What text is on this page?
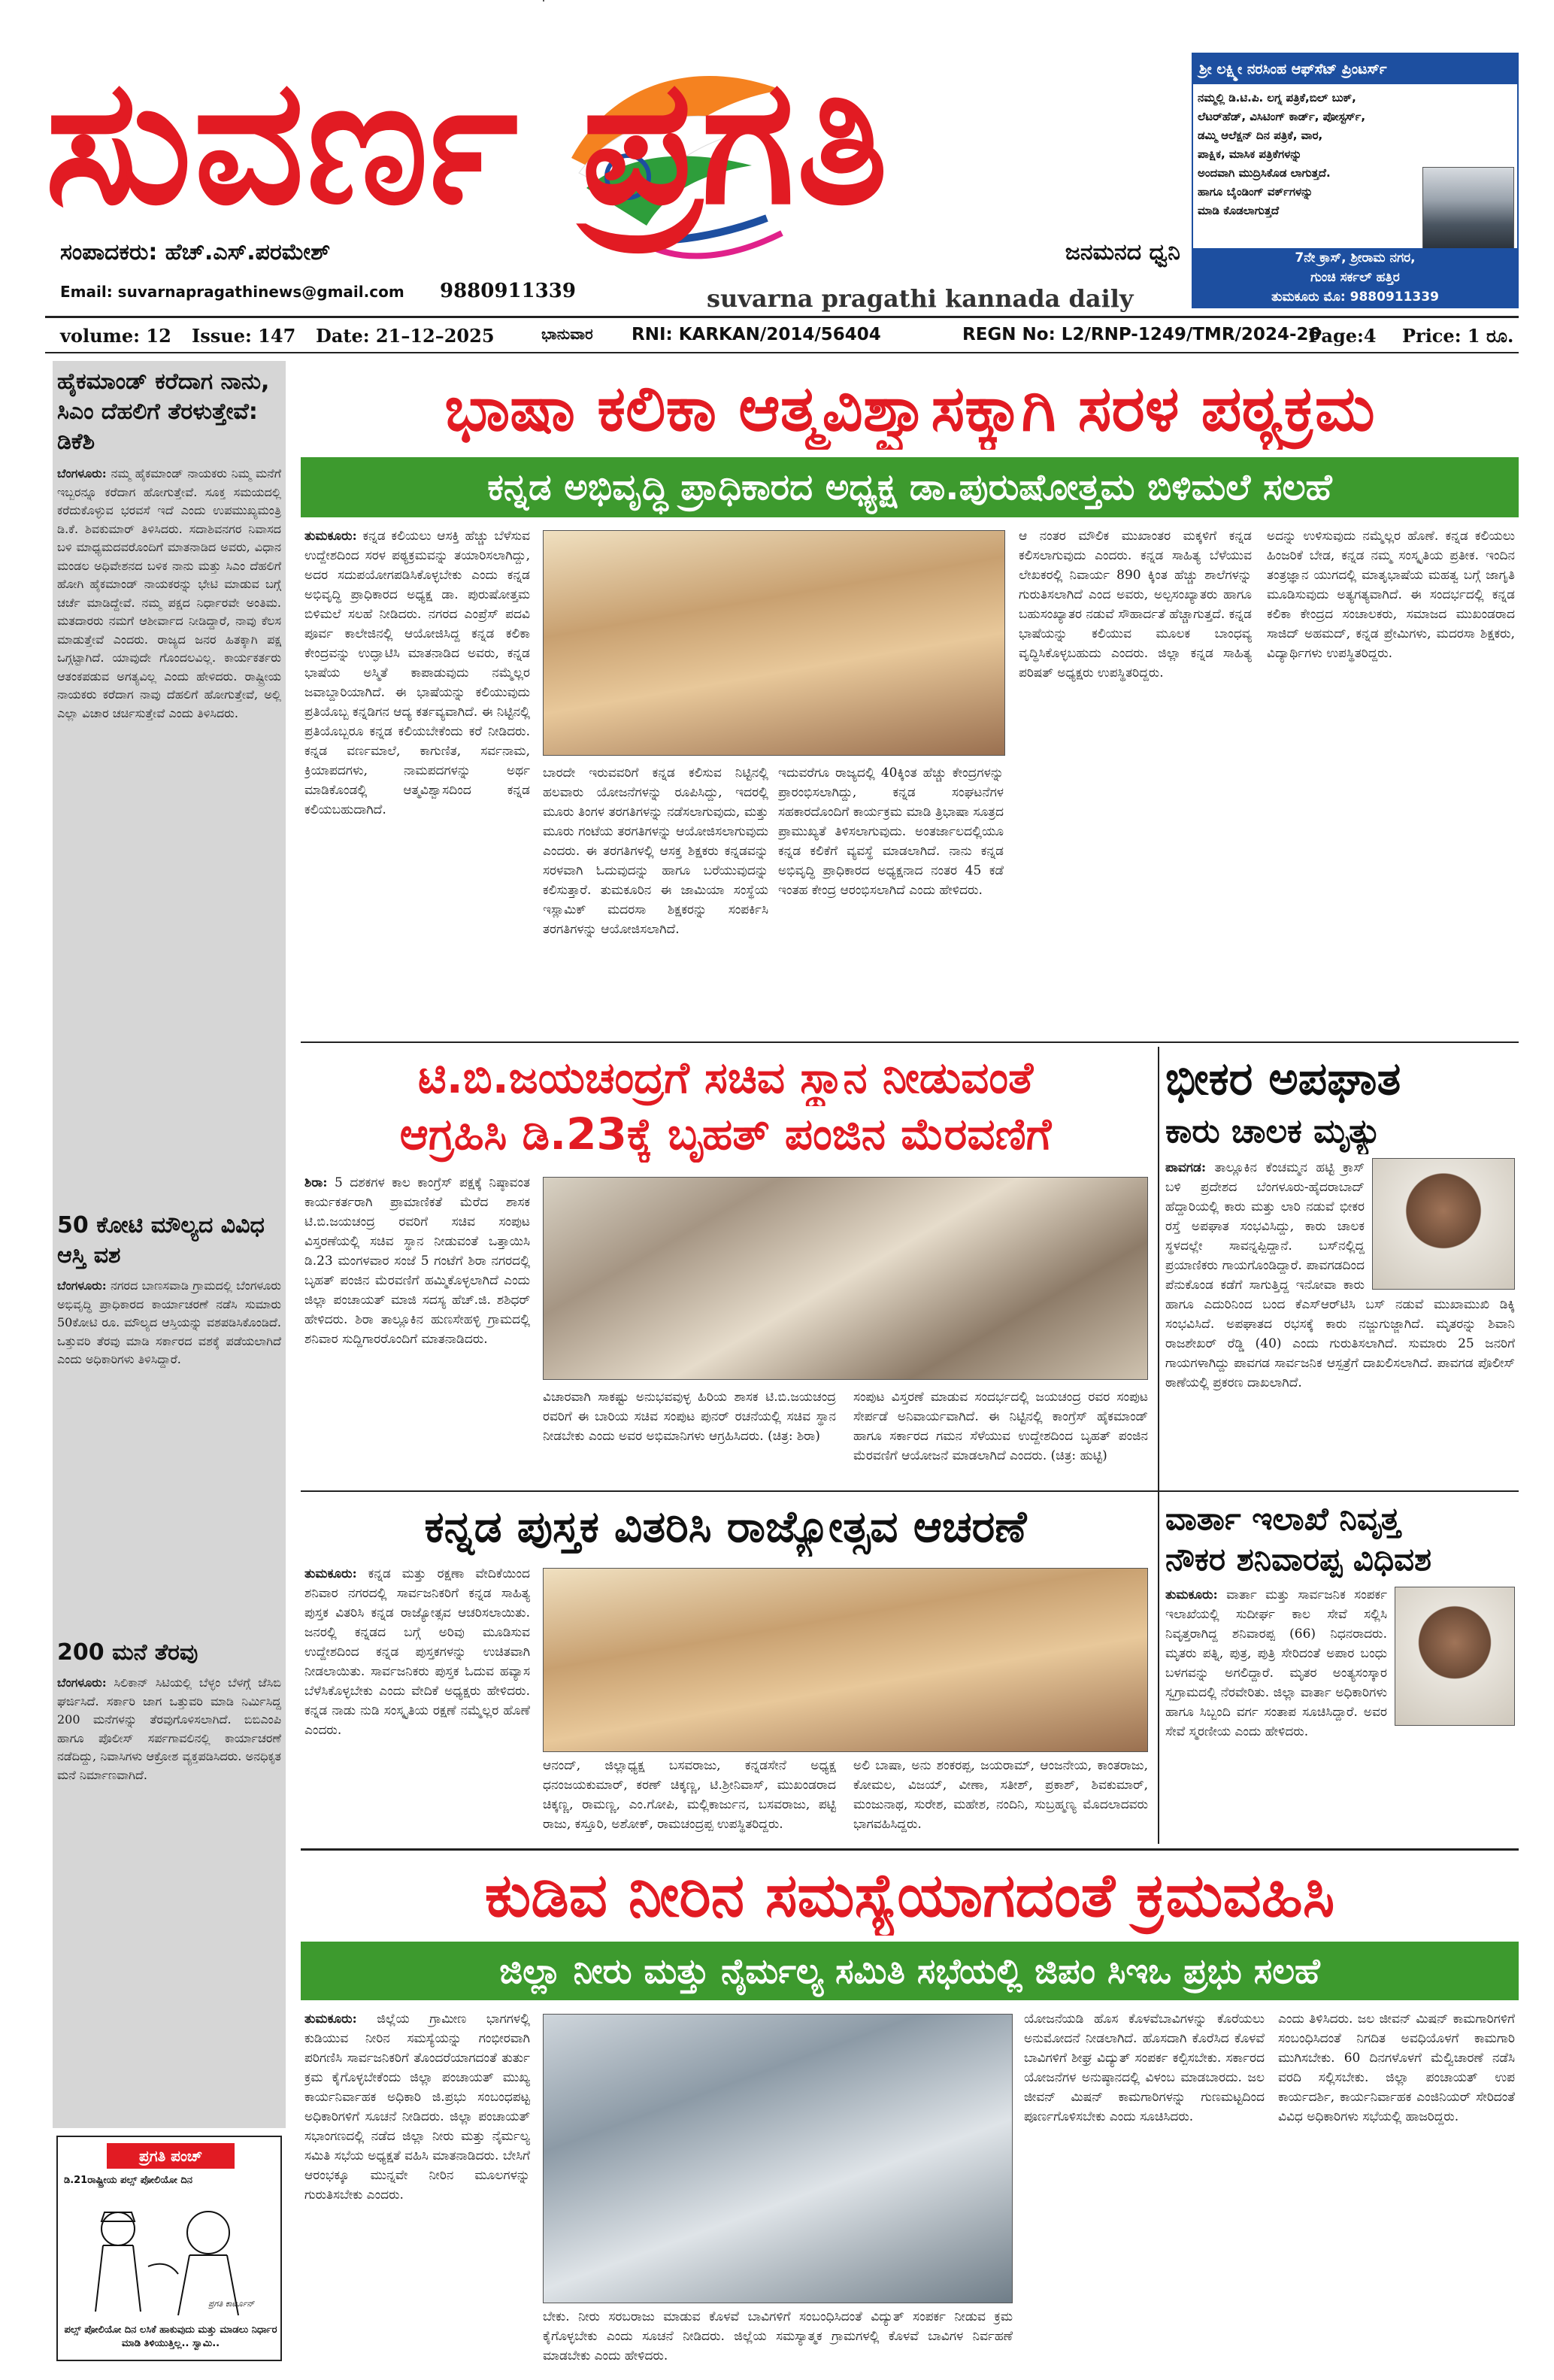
ಸುವರ್ಣ ಪ್ರಗತಿ
ಜನಮನದ ಧ್ವನಿ
ಸಂಪಾದಕರು: ಹೆಚ್.ಎಸ್.ಪರಮೇಶ್
Email: suvarnapragathinews@gmail.com	9880911339	suvarna pragathi kannada daily
ಶ್ರೀ ಲಕ್ಷ್ಮೀ ನರಸಿಂಹ ಆಫ್‌ಸೆಟ್ ಪ್ರಿಂಟರ್ಸ್
ನಮ್ಮಲ್ಲಿ ಡಿ.ಟಿ.ಪಿ. ಲಗ್ನ ಪತ್ರಿಕೆ,ಬಿಲ್ ಬುಕ್,
ಲೆಟರ್‌ಹೆಡ್, ವಿಸಿಟಿಂಗ್ ಕಾರ್ಡ್, ಪೋಸ್ಟರ್ಸ್,
ಡಮ್ಮಿ ಆಲೆಕ್ಷನ್ ದಿನ ಪತ್ರಿಕೆ, ವಾರ,
ಪಾಕ್ಷಿಕ, ಮಾಸಿಕ ಪತ್ರಿಕೆಗಳನ್ನು
ಅಂದವಾಗಿ ಮುದ್ರಿಸಿಕೊಡ ಲಾಗುತ್ತದೆ.
ಹಾಗೂ ಬೈಂಡಿಂಗ್ ವರ್ಕ್‌ಗಳನ್ನು
ಮಾಡಿ ಕೊಡಲಾಗುತ್ತದೆ
7ನೇ ಕ್ರಾಸ್, ಶ್ರೀರಾಮ ನಗರ,
ಗುಂಚಿ ಸರ್ಕಲ್ ಹತ್ತಿರ
ತುಮಕೂರು ಮೊ: 9880911339
volume: 12 Issue: 147 Date: 21–12–2025	ಭಾನುವಾರ RNI: KARKAN/2014/56404	REGN No: L2/RNP-1249/TMR/2024-26
Page:4 Price: 1 ರೂ.
ಹೈಕಮಾಂಡ್ ಕರೆದಾಗ ನಾನು, ಸಿಎಂ ದೆಹಲಿಗೆ ತೆರಳುತ್ತೇವೆ: ಡಿಕೆಶಿ
ಬೆಂಗಳೂರು: ನಮ್ಮ ಹೈಕಮಾಂಡ್ ನಾಯಕರು ನಿಮ್ಮ ಮನೆಗೆ ಇಬ್ಬರನ್ನೂ ಕರೆದಾಗ ಹೋಗುತ್ತೇವೆ. ಸೂಕ್ತ ಸಮಯದಲ್ಲಿ ಕರೆದುಕೊಳ್ಳುವ ಭರವಸೆ ಇದೆ ಎಂದು ಉಪಮುಖ್ಯಮಂತ್ರಿ ಡಿ.ಕೆ. ಶಿವಕುಮಾರ್ ತಿಳಿಸಿದರು. ಸದಾಶಿವನಗರ ನಿವಾಸದ ಬಳಿ ಮಾಧ್ಯಮದವರೊಂದಿಗೆ ಮಾತನಾಡಿದ ಅವರು, ವಿಧಾನ ಮಂಡಲ ಅಧಿವೇಶನದ ಬಳಿಕ ನಾನು ಮತ್ತು ಸಿಎಂ ದೆಹಲಿಗೆ ಹೋಗಿ ಹೈಕಮಾಂಡ್ ನಾಯಕರನ್ನು ಭೇಟಿ ಮಾಡುವ ಬಗ್ಗೆ ಚರ್ಚೆ ಮಾಡಿದ್ದೇವೆ. ನಮ್ಮ ಪಕ್ಷದ ನಿರ್ಧಾರವೇ ಅಂತಿಮ. ಮತದಾರರು ನಮಗೆ ಆಶೀರ್ವಾದ ನೀಡಿದ್ದಾರೆ, ನಾವು ಕೆಲಸ ಮಾಡುತ್ತೇವೆ ಎಂದರು. ರಾಜ್ಯದ ಜನರ ಹಿತಕ್ಕಾಗಿ ಪಕ್ಷ ಒಗ್ಗಟ್ಟಾಗಿದೆ. ಯಾವುದೇ ಗೊಂದಲವಿಲ್ಲ. ಕಾರ್ಯಕರ್ತರು ಆತಂಕಪಡುವ ಅಗತ್ಯವಿಲ್ಲ ಎಂದು ಹೇಳಿದರು. ರಾಷ್ಟ್ರೀಯ ನಾಯಕರು ಕರೆದಾಗ ನಾವು ದೆಹಲಿಗೆ ಹೋಗುತ್ತೇವೆ, ಅಲ್ಲಿ ಎಲ್ಲಾ ವಿಚಾರ ಚರ್ಚಿಸುತ್ತೇವೆ ಎಂದು ತಿಳಿಸಿದರು.
50 ಕೋಟಿ ಮೌಲ್ಯದ ವಿವಿಧ ಆಸ್ತಿ ವಶ
ಬೆಂಗಳೂರು: ನಗರದ ಬಾಣಸವಾಡಿ ಗ್ರಾಮದಲ್ಲಿ ಬೆಂಗಳೂರು ಅಭಿವೃದ್ಧಿ ಪ್ರಾಧಿಕಾರದ ಕಾರ್ಯಾಚರಣೆ ನಡೆಸಿ ಸುಮಾರು 50ಕೋಟಿ ರೂ. ಮೌಲ್ಯದ ಆಸ್ತಿಯನ್ನು ವಶಪಡಿಸಿಕೊಂಡಿದೆ. ಒತ್ತುವರಿ ತೆರವು ಮಾಡಿ ಸರ್ಕಾರದ ವಶಕ್ಕೆ ಪಡೆಯಲಾಗಿದೆ ಎಂದು ಅಧಿಕಾರಿಗಳು ತಿಳಿಸಿದ್ದಾರೆ.
200 ಮನೆ ತೆರವು
ಬೆಂಗಳೂರು: ಸಿಲಿಕಾನ್ ಸಿಟಿಯಲ್ಲಿ ಬೆಳ್ಳಂ ಬೆಳಗ್ಗೆ ಜೆಸಿಬಿ ಘರ್ಜಿಸಿದೆ. ಸರ್ಕಾರಿ ಜಾಗ ಒತ್ತುವರಿ ಮಾಡಿ ನಿರ್ಮಿಸಿದ್ದ 200 ಮನೆಗಳನ್ನು ತೆರವುಗೊಳಿಸಲಾಗಿದೆ. ಬಿಬಿಎಂಪಿ ಹಾಗೂ ಪೊಲೀಸ್ ಸರ್ಪಗಾವಲಿನಲ್ಲಿ ಕಾರ್ಯಾಚರಣೆ ನಡೆದಿದ್ದು, ನಿವಾಸಿಗಳು ಆಕ್ರೋಶ ವ್ಯಕ್ತಪಡಿಸಿದರು. ಅನಧಿಕೃತ ಮನೆ ನಿರ್ಮಾಣವಾಗಿದೆ.
ಪ್ರಗತಿ ಪಂಚ್
ಡಿ.21ರಾಷ್ಟ್ರೀಯ ಪಲ್ಸ್ ಪೋಲಿಯೋ ದಿನ
ಪ್ರಗತಿ ಕಾರ್ಟೂನ್
ಪಲ್ಸ್ ಪೋಲಿಯೋ ದಿನ ಲಸಿಕೆ ಹಾಕುವುದು ಮತ್ತು ಮಾಡಲು ನಿರ್ಧಾರ ಮಾಡಿ ತಿಳಿಯುತ್ತಿಲ್ಲ.. ಸ್ವಾಮಿ..
ಭಾಷಾ ಕಲಿಕಾ ಆತ್ಮವಿಶ್ವಾಸಕ್ಕಾಗಿ ಸರಳ ಪಠ್ಯಕ್ರಮ
ಕನ್ನಡ ಅಭಿವೃದ್ಧಿ ಪ್ರಾಧಿಕಾರದ ಅಧ್ಯಕ್ಷ ಡಾ.ಪುರುಷೋತ್ತಮ ಬಿಳಿಮಲೆ ಸಲಹೆ
ತುಮಕೂರು: ಕನ್ನಡ ಕಲಿಯಲು ಆಸಕ್ತಿ ಹೆಚ್ಚು ಬೆಳೆಸುವ ಉದ್ದೇಶದಿಂದ ಸರಳ ಪಠ್ಯಕ್ರಮವನ್ನು ತಯಾರಿಸಲಾಗಿದ್ದು, ಅದರ ಸದುಪಯೋಗಪಡಿಸಿಕೊಳ್ಳಬೇಕು ಎಂದು ಕನ್ನಡ ಅಭಿವೃದ್ಧಿ ಪ್ರಾಧಿಕಾರದ ಅಧ್ಯಕ್ಷ ಡಾ. ಪುರುಷೋತ್ತಮ ಬಿಳಿಮಲೆ ಸಲಹೆ ನೀಡಿದರು. ನಗರದ ಎಂಪ್ರೆಸ್ ಪದವಿ ಪೂರ್ವ ಕಾಲೇಜಿನಲ್ಲಿ ಆಯೋಜಿಸಿದ್ದ ಕನ್ನಡ ಕಲಿಕಾ ಕೇಂದ್ರವನ್ನು ಉದ್ಘಾಟಿಸಿ ಮಾತನಾಡಿದ ಅವರು, ಕನ್ನಡ ಭಾಷೆಯ ಅಸ್ಮಿತೆ ಕಾಪಾಡುವುದು ನಮ್ಮೆಲ್ಲರ ಜವಾಬ್ದಾರಿಯಾಗಿದೆ. ಈ ಭಾಷೆಯನ್ನು ಕಲಿಯುವುದು ಪ್ರತಿಯೊಬ್ಬ ಕನ್ನಡಿಗನ ಆದ್ಯ ಕರ್ತವ್ಯವಾಗಿದೆ. ಈ ನಿಟ್ಟಿನಲ್ಲಿ ಪ್ರತಿಯೊಬ್ಬರೂ ಕನ್ನಡ ಕಲಿಯಬೇಕೆಂದು ಕರೆ ನೀಡಿದರು. ಕನ್ನಡ ವರ್ಣಮಾಲೆ, ಕಾಗುಣಿತ, ಸರ್ವನಾಮ, ಕ್ರಿಯಾಪದಗಳು, ನಾಮಪದಗಳನ್ನು ಅರ್ಥ ಮಾಡಿಕೊಂಡಲ್ಲಿ ಆತ್ಮವಿಶ್ವಾಸದಿಂದ ಕನ್ನಡ ಕಲಿಯಬಹುದಾಗಿದೆ.
ಬಾರದೇ ಇರುವವರಿಗೆ ಕನ್ನಡ ಕಲಿಸುವ ನಿಟ್ಟಿನಲ್ಲಿ ಹಲವಾರು ಯೋಜನೆಗಳನ್ನು ರೂಪಿಸಿದ್ದು, ಇದರಲ್ಲಿ ಮೂರು ತಿಂಗಳ ತರಗತಿಗಳನ್ನು ನಡೆಸಲಾಗುವುದು, ಮತ್ತು ಮೂರು ಗಂಟೆಯ ತರಗತಿಗಳನ್ನು ಆಯೋಜಿಸಲಾಗುವುದು ಎಂದರು. ಈ ತರಗತಿಗಳಲ್ಲಿ ಆಸಕ್ತ ಶಿಕ್ಷಕರು ಕನ್ನಡವನ್ನು ಸರಳವಾಗಿ ಓದುವುದನ್ನು ಹಾಗೂ ಬರೆಯುವುದನ್ನು ಕಲಿಸುತ್ತಾರೆ. ತುಮಕೂರಿನ ಈ ಜಾಮಿಯಾ ಸಂಸ್ಥೆಯ ಇಸ್ಲಾಮಿಕ್ ಮದರಸಾ ಶಿಕ್ಷಕರನ್ನು ಸಂಪರ್ಕಿಸಿ ತರಗತಿಗಳನ್ನು ಆಯೋಜಿಸಲಾಗಿದೆ.
ಇದುವರೆಗೂ ರಾಜ್ಯದಲ್ಲಿ 40ಕ್ಕಿಂತ ಹೆಚ್ಚು ಕೇಂದ್ರಗಳನ್ನು ಪ್ರಾರಂಭಿಸಲಾಗಿದ್ದು, ಕನ್ನಡ ಸಂಘಟನೆಗಳ ಸಹಕಾರದೊಂದಿಗೆ ಕಾರ್ಯಕ್ರಮ ಮಾಡಿ ತ್ರಿಭಾಷಾ ಸೂತ್ರದ ಪ್ರಾಮುಖ್ಯತೆ ತಿಳಿಸಲಾಗುವುದು. ಅಂತರ್ಜಾಲದಲ್ಲಿಯೂ ಕನ್ನಡ ಕಲಿಕೆಗೆ ವ್ಯವಸ್ಥೆ ಮಾಡಲಾಗಿದೆ. ನಾನು ಕನ್ನಡ ಅಭಿವೃದ್ಧಿ ಪ್ರಾಧಿಕಾರದ ಅಧ್ಯಕ್ಷನಾದ ನಂತರ 45 ಕಡೆ ಇಂತಹ ಕೇಂದ್ರ ಆರಂಭಿಸಲಾಗಿದೆ ಎಂದು ಹೇಳಿದರು.
ಆ ನಂತರ ಮೌಲಿಕ ಮುಖಾಂತರ ಮಕ್ಕಳಿಗೆ ಕನ್ನಡ ಕಲಿಸಲಾಗುವುದು ಎಂದರು. ಕನ್ನಡ ಸಾಹಿತ್ಯ ಬೆಳೆಯುವ ಲೇಖಕರಲ್ಲಿ ನಿವಾರ್ಯ 890 ಕ್ಕಿಂತ ಹೆಚ್ಚು ಶಾಲೆಗಳನ್ನು ಗುರುತಿಸಲಾಗಿದೆ ಎಂದ ಅವರು, ಅಲ್ಪಸಂಖ್ಯಾತರು ಹಾಗೂ ಬಹುಸಂಖ್ಯಾತರ ನಡುವೆ ಸೌಹಾರ್ದತೆ ಹೆಚ್ಚಾಗುತ್ತದೆ. ಕನ್ನಡ ಭಾಷೆಯನ್ನು ಕಲಿಯುವ ಮೂಲಕ ಬಾಂಧವ್ಯ ವೃದ್ಧಿಸಿಕೊಳ್ಳಬಹುದು ಎಂದರು. ಜಿಲ್ಲಾ ಕನ್ನಡ ಸಾಹಿತ್ಯ ಪರಿಷತ್ ಅಧ್ಯಕ್ಷರು ಉಪಸ್ಥಿತರಿದ್ದರು.
ಅದನ್ನು ಉಳಿಸುವುದು ನಮ್ಮೆಲ್ಲರ ಹೊಣೆ. ಕನ್ನಡ ಕಲಿಯಲು ಹಿಂಜರಿಕೆ ಬೇಡ, ಕನ್ನಡ ನಮ್ಮ ಸಂಸ್ಕೃತಿಯ ಪ್ರತೀಕ. ಇಂದಿನ ತಂತ್ರಜ್ಞಾನ ಯುಗದಲ್ಲಿ ಮಾತೃಭಾಷೆಯ ಮಹತ್ವ ಬಗ್ಗೆ ಜಾಗೃತಿ ಮೂಡಿಸುವುದು ಅತ್ಯಗತ್ಯವಾಗಿದೆ. ಈ ಸಂದರ್ಭದಲ್ಲಿ ಕನ್ನಡ ಕಲಿಕಾ ಕೇಂದ್ರದ ಸಂಚಾಲಕರು, ಸಮಾಜದ ಮುಖಂಡರಾದ ಸಾಜಿದ್ ಅಹಮದ್, ಕನ್ನಡ ಪ್ರೇಮಿಗಳು, ಮದರಸಾ ಶಿಕ್ಷಕರು, ವಿದ್ಯಾರ್ಥಿಗಳು ಉಪಸ್ಥಿತರಿದ್ದರು.
ಟಿ.ಬಿ.ಜಯಚಂದ್ರಗೆ ಸಚಿವ ಸ್ಥಾನ ನೀಡುವಂತೆ
ಆಗ್ರಹಿಸಿ ಡಿ.23ಕ್ಕೆ ಬೃಹತ್ ಪಂಜಿನ ಮೆರವಣಿಗೆ
ಶಿರಾ: 5 ದಶಕಗಳ ಕಾಲ ಕಾಂಗ್ರೆಸ್ ಪಕ್ಷಕ್ಕೆ ನಿಷ್ಠಾವಂತ ಕಾರ್ಯಕರ್ತರಾಗಿ ಪ್ರಾಮಾಣಿಕತೆ ಮೆರೆದ ಶಾಸಕ ಟಿ.ಬಿ.ಜಯಚಂದ್ರ ರವರಿಗೆ ಸಚಿವ ಸಂಪುಟ ವಿಸ್ತರಣೆಯಲ್ಲಿ ಸಚಿವ ಸ್ಥಾನ ನೀಡುವಂತೆ ಒತ್ತಾಯಿಸಿ ಡಿ.23 ಮಂಗಳವಾರ ಸಂಜೆ 5 ಗಂಟೆಗೆ ಶಿರಾ ನಗರದಲ್ಲಿ ಬೃಹತ್ ಪಂಜಿನ ಮೆರವಣಿಗೆ ಹಮ್ಮಿಕೊಳ್ಳಲಾಗಿದೆ ಎಂದು ಜಿಲ್ಲಾ ಪಂಚಾಯತ್ ಮಾಜಿ ಸದಸ್ಯ ಹೆಚ್.ಜಿ. ಶಶಿಧರ್ ಹೇಳಿದರು. ಶಿರಾ ತಾಲ್ಲೂಕಿನ ಹುಣಸೇಹಳ್ಳಿ ಗ್ರಾಮದಲ್ಲಿ ಶನಿವಾರ ಸುದ್ದಿಗಾರರೊಂದಿಗೆ ಮಾತನಾಡಿದರು.
ವಿಚಾರವಾಗಿ ಸಾಕಷ್ಟು ಅನುಭವವುಳ್ಳ ಹಿರಿಯ ಶಾಸಕ ಟಿ.ಬಿ.ಜಯಚಂದ್ರ ರವರಿಗೆ ಈ ಬಾರಿಯ ಸಚಿವ ಸಂಪುಟ ಪುನರ್ ರಚನೆಯಲ್ಲಿ ಸಚಿವ ಸ್ಥಾನ ನೀಡಬೇಕು ಎಂದು ಅವರ ಅಭಿಮಾನಿಗಳು ಆಗ್ರಹಿಸಿದರು. (ಚಿತ್ರ: ಶಿರಾ)
ಸಂಪುಟ ವಿಸ್ತರಣೆ ಮಾಡುವ ಸಂದರ್ಭದಲ್ಲಿ ಜಯಚಂದ್ರ ರವರ ಸಂಪುಟ ಸೇರ್ಪಡೆ ಅನಿವಾರ್ಯವಾಗಿದೆ. ಈ ನಿಟ್ಟಿನಲ್ಲಿ ಕಾಂಗ್ರೆಸ್ ಹೈಕಮಾಂಡ್ ಹಾಗೂ ಸರ್ಕಾರದ ಗಮನ ಸೆಳೆಯುವ ಉದ್ದೇಶದಿಂದ ಬೃಹತ್ ಪಂಜಿನ ಮೆರವಣಿಗೆ ಆಯೋಜನೆ ಮಾಡಲಾಗಿದೆ ಎಂದರು. (ಚಿತ್ರ: ಹುಟ್ಟಿ)
ಭೀಕರ ಅಪಘಾತ
ಕಾರು ಚಾಲಕ ಮೃತ್ಯು
ಪಾವಗಡ: ತಾಲ್ಲೂಕಿನ ಕೆಂಚಮ್ಮನ ಹಟ್ಟಿ ಕ್ರಾಸ್ ಬಳಿ ಪ್ರದೇಶದ ಬೆಂಗಳೂರು-ಹೈದರಾಬಾದ್ ಹೆದ್ದಾರಿಯಲ್ಲಿ ಕಾರು ಮತ್ತು ಲಾರಿ ನಡುವೆ ಭೀಕರ ರಸ್ತೆ ಅಪಘಾತ ಸಂಭವಿಸಿದ್ದು, ಕಾರು ಚಾಲಕ ಸ್ಥಳದಲ್ಲೇ ಸಾವನ್ನಪ್ಪಿದ್ದಾನೆ. ಬಸ್‌ನಲ್ಲಿದ್ದ ಪ್ರಯಾಣಿಕರು ಗಾಯಗೊಂಡಿದ್ದಾರೆ. ಪಾವಗಡದಿಂದ ಪೆನುಕೊಂಡ ಕಡೆಗೆ ಸಾಗುತ್ತಿದ್ದ ಇನೋವಾ ಕಾರು ಹಾಗೂ ಎದುರಿನಿಂದ ಬಂದ ಕೆಎಸ್ಆರ್‌ಟಿಸಿ ಬಸ್ ನಡುವೆ ಮುಖಾಮುಖಿ ಡಿಕ್ಕಿ ಸಂಭವಿಸಿದೆ. ಅಪಘಾತದ ರಭಸಕ್ಕೆ ಕಾರು ನಜ್ಜುಗುಜ್ಜಾಗಿದೆ. ಮೃತರನ್ನು ಶಿವಾನಿ ರಾಜಶೇಖರ್ ರೆಡ್ಡಿ (40) ಎಂದು ಗುರುತಿಸಲಾಗಿದೆ. ಸುಮಾರು 25 ಜನರಿಗೆ ಗಾಯಗಳಾಗಿದ್ದು ಪಾವಗಡ ಸಾರ್ವಜನಿಕ ಆಸ್ಪತ್ರೆಗೆ ದಾಖಲಿಸಲಾಗಿದೆ. ಪಾವಗಡ ಪೊಲೀಸ್ ಠಾಣೆಯಲ್ಲಿ ಪ್ರಕರಣ ದಾಖಲಾಗಿದೆ.
ಕನ್ನಡ ಪುಸ್ತಕ ವಿತರಿಸಿ ರಾಜ್ಯೋತ್ಸವ ಆಚರಣೆ
ತುಮಕೂರು: ಕನ್ನಡ ಮತ್ತು ರಕ್ಷಣಾ ವೇದಿಕೆಯಿಂದ ಶನಿವಾರ ನಗರದಲ್ಲಿ ಸಾರ್ವಜನಿಕರಿಗೆ ಕನ್ನಡ ಸಾಹಿತ್ಯ ಪುಸ್ತಕ ವಿತರಿಸಿ ಕನ್ನಡ ರಾಜ್ಯೋತ್ಸವ ಆಚರಿಸಲಾಯಿತು. ಜನರಲ್ಲಿ ಕನ್ನಡದ ಬಗ್ಗೆ ಅರಿವು ಮೂಡಿಸುವ ಉದ್ದೇಶದಿಂದ ಕನ್ನಡ ಪುಸ್ತಕಗಳನ್ನು ಉಚಿತವಾಗಿ ನೀಡಲಾಯಿತು. ಸಾರ್ವಜನಿಕರು ಪುಸ್ತಕ ಓದುವ ಹವ್ಯಾಸ ಬೆಳೆಸಿಕೊಳ್ಳಬೇಕು ಎಂದು ವೇದಿಕೆ ಅಧ್ಯಕ್ಷರು ಹೇಳಿದರು. ಕನ್ನಡ ನಾಡು ನುಡಿ ಸಂಸ್ಕೃತಿಯ ರಕ್ಷಣೆ ನಮ್ಮೆಲ್ಲರ ಹೊಣೆ ಎಂದರು.
ಆನಂದ್, ಜಿಲ್ಲಾಧ್ಯಕ್ಷ ಬಸವರಾಜು, ಕನ್ನಡಸೇನೆ ಅಧ್ಯಕ್ಷ ಧನಂಜಯಕುಮಾರ್, ಕರಣ್ ಚಿಕ್ಕಣ್ಣ, ಟಿ.ಶ್ರೀನಿವಾಸ್, ಮುಖಂಡರಾದ ಚಿಕ್ಕಣ್ಣ, ರಾಮಣ್ಣ, ಎಂ.ಗೋಪಿ, ಮಲ್ಲಿಕಾರ್ಜುನ, ಬಸವರಾಜು, ಪಟ್ಟಿ ರಾಜು, ಕಸ್ತೂರಿ, ಅಶೋಕ್, ರಾಮಚಂದ್ರಪ್ಪ ಉಪಸ್ಥಿತರಿದ್ದರು.
ಅಲಿ ಬಾಷಾ, ಅನು ಶಂಕರಪ್ಪ, ಜಯರಾಮ್, ಆಂಜನೇಯ, ಕಾಂತರಾಜು, ಕೋಮಲ, ವಿಜಯ್, ವೀಣಾ, ಸತೀಶ್, ಪ್ರಕಾಶ್, ಶಿವಕುಮಾರ್, ಮಂಜುನಾಥ, ಸುರೇಶ, ಮಹೇಶ, ನಂದಿನಿ, ಸುಬ್ರಹ್ಮಣ್ಯ ಮೊದಲಾದವರು ಭಾಗವಹಿಸಿದ್ದರು.
ವಾರ್ತಾ ಇಲಾಖೆ ನಿವೃತ್ತ
ನೌಕರ ಶನಿವಾರಪ್ಪ ವಿಧಿವಶ
ತುಮಕೂರು: ವಾರ್ತಾ ಮತ್ತು ಸಾರ್ವಜನಿಕ ಸಂಪರ್ಕ ಇಲಾಖೆಯಲ್ಲಿ ಸುದೀರ್ಘ ಕಾಲ ಸೇವೆ ಸಲ್ಲಿಸಿ ನಿವೃತ್ತರಾಗಿದ್ದ ಶನಿವಾರಪ್ಪ (66) ನಿಧನರಾದರು. ಮೃತರು ಪತ್ನಿ, ಪುತ್ರ, ಪುತ್ರಿ ಸೇರಿದಂತೆ ಅಪಾರ ಬಂಧು ಬಳಗವನ್ನು ಅಗಲಿದ್ದಾರೆ. ಮೃತರ ಅಂತ್ಯಸಂಸ್ಕಾರ ಸ್ವಗ್ರಾಮದಲ್ಲಿ ನೆರವೇರಿತು. ಜಿಲ್ಲಾ ವಾರ್ತಾ ಅಧಿಕಾರಿಗಳು ಹಾಗೂ ಸಿಬ್ಬಂದಿ ವರ್ಗ ಸಂತಾಪ ಸೂಚಿಸಿದ್ದಾರೆ. ಅವರ ಸೇವೆ ಸ್ಮರಣೀಯ ಎಂದು ಹೇಳಿದರು.
ಕುಡಿವ ನೀರಿನ ಸಮಸ್ಯೆಯಾಗದಂತೆ ಕ್ರಮವಹಿಸಿ
ಜಿಲ್ಲಾ ನೀರು ಮತ್ತು ನೈರ್ಮಲ್ಯ ಸಮಿತಿ ಸಭೆಯಲ್ಲಿ ಜಿಪಂ ಸಿಇಒ ಪ್ರಭು ಸಲಹೆ
ತುಮಕೂರು: ಜಿಲ್ಲೆಯ ಗ್ರಾಮೀಣ ಭಾಗಗಳಲ್ಲಿ ಕುಡಿಯುವ ನೀರಿನ ಸಮಸ್ಯೆಯನ್ನು ಗಂಭೀರವಾಗಿ ಪರಿಗಣಿಸಿ ಸಾರ್ವಜನಿಕರಿಗೆ ತೊಂದರೆಯಾಗದಂತೆ ತುರ್ತು ಕ್ರಮ ಕೈಗೊಳ್ಳಬೇಕೆಂದು ಜಿಲ್ಲಾ ಪಂಚಾಯತ್ ಮುಖ್ಯ ಕಾರ್ಯನಿರ್ವಾಹಕ ಅಧಿಕಾರಿ ಜಿ.ಪ್ರಭು ಸಂಬಂಧಪಟ್ಟ ಅಧಿಕಾರಿಗಳಿಗೆ ಸೂಚನೆ ನೀಡಿದರು. ಜಿಲ್ಲಾ ಪಂಚಾಯತ್ ಸಭಾಂಗಣದಲ್ಲಿ ನಡೆದ ಜಿಲ್ಲಾ ನೀರು ಮತ್ತು ನೈರ್ಮಲ್ಯ ಸಮಿತಿ ಸಭೆಯ ಅಧ್ಯಕ್ಷತೆ ವಹಿಸಿ ಮಾತನಾಡಿದರು. ಬೇಸಿಗೆ ಆರಂಭಕ್ಕೂ ಮುನ್ನವೇ ನೀರಿನ ಮೂಲಗಳನ್ನು ಗುರುತಿಸಬೇಕು ಎಂದರು.
ಬೇಕು. ನೀರು ಸರಬರಾಜು ಮಾಡುವ ಕೊಳವೆ ಬಾವಿಗಳಿಗೆ ಸಂಬಂಧಿಸಿದಂತೆ ವಿದ್ಯುತ್ ಸಂಪರ್ಕ ನೀಡುವ ಕ್ರಮ ಕೈಗೊಳ್ಳಬೇಕು ಎಂದು ಸೂಚನೆ ನೀಡಿದರು. ಜಿಲ್ಲೆಯ ಸಮಸ್ಯಾತ್ಮಕ ಗ್ರಾಮಗಳಲ್ಲಿ ಕೊಳವೆ ಬಾವಿಗಳ ನಿರ್ವಹಣೆ ಮಾಡಬೇಕು ಎಂದು ಹೇಳಿದರು.
ಯೋಜನೆಯಡಿ ಹೊಸ ಕೊಳವೆಬಾವಿಗಳನ್ನು ಕೊರೆಯಲು ಅನುಮೋದನೆ ನೀಡಲಾಗಿದೆ. ಹೊಸದಾಗಿ ಕೊರೆಸಿದ ಕೊಳವೆ ಬಾವಿಗಳಿಗೆ ಶೀಘ್ರ ವಿದ್ಯುತ್ ಸಂಪರ್ಕ ಕಲ್ಪಿಸಬೇಕು. ಸರ್ಕಾರದ ಯೋಜನೆಗಳ ಅನುಷ್ಠಾನದಲ್ಲಿ ವಿಳಂಬ ಮಾಡಬಾರದು. ಜಲ ಜೀವನ್ ಮಿಷನ್ ಕಾಮಗಾರಿಗಳನ್ನು ಗುಣಮಟ್ಟದಿಂದ ಪೂರ್ಣಗೊಳಿಸಬೇಕು ಎಂದು ಸೂಚಿಸಿದರು.
ಎಂದು ತಿಳಿಸಿದರು. ಜಲ ಜೀವನ್ ಮಿಷನ್ ಕಾಮಗಾರಿಗಳಿಗೆ ಸಂಬಂಧಿಸಿದಂತೆ ನಿಗದಿತ ಅವಧಿಯೊಳಗೆ ಕಾಮಗಾರಿ ಮುಗಿಸಬೇಕು. 60 ದಿನಗಳೊಳಗೆ ಮೆಲ್ವಿಚಾರಣೆ ನಡೆಸಿ ವರದಿ ಸಲ್ಲಿಸಬೇಕು. ಜಿಲ್ಲಾ ಪಂಚಾಯತ್ ಉಪ ಕಾರ್ಯದರ್ಶಿ, ಕಾರ್ಯನಿರ್ವಾಹಕ ಎಂಜಿನಿಯರ್ ಸೇರಿದಂತೆ ವಿವಿಧ ಅಧಿಕಾರಿಗಳು ಸಭೆಯಲ್ಲಿ ಹಾಜರಿದ್ದರು.
